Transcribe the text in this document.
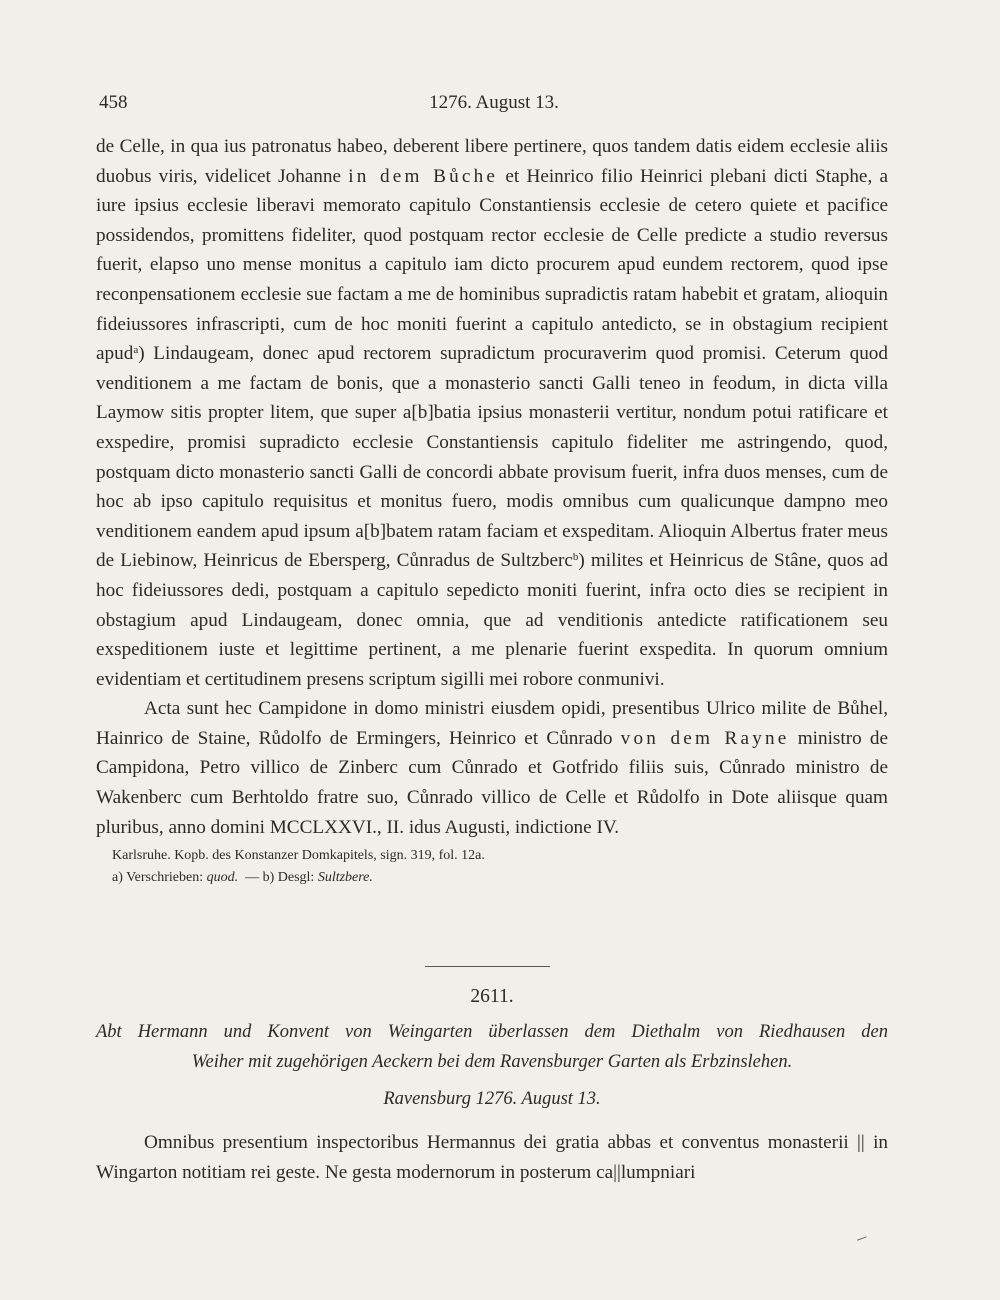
458	1276. August 13.

de Celle, in qua ius patronatus habeo, deberent libere pertinere, quos tandem datis eidem ecclesie aliis duobus viris, videlicet Johanne in dem Bůche et Heinrico filio Heinrici plebani dicti Staphe, a iure ipsius ecclesie liberavi memorato capitulo Constantiensis ecclesie de cetero quiete et pacifice possidendos, promittens fideliter, quod postquam rector ecclesie de Celle predicte a studio reversus fuerit, elapso uno mense monitus a capitulo iam dicto procurem apud eundem rectorem, quod ipse reconpensationem ecclesie sue factam a me de hominibus supradictis ratam habebit et gratam, alioquin fideiussores infrascripti, cum de hoc moniti fuerint a capitulo antedicto, se in obstagium recipient apud$^a$) Lindaugeam, donec apud rectorem supradictum procuraverim quod promisi. Ceterum quod venditionem a me factam de bonis, que a monasterio sancti Galli teneo in feodum, in dicta villa Laymow sitis propter litem, que super a[b]batia ipsius monasterii vertitur, nondum potui ratificare et exspedire, promisi supradicto ecclesie Constantiensis capitulo fideliter me astringendo, quod, postquam dicto monasterio sancti Galli de concordi abbate provisum fuerit, infra duos menses, cum de hoc ab ipso capitulo requisitus et monitus fuero, modis omnibus cum qualicunque dampno meo venditionem eandem apud ipsum a[b]batem ratam faciam et exspeditam. Alioquin Albertus frater meus de Liebinow, Heinricus de Ebersperg, Cůnradus de Sultzberc$^b$) milites et Heinricus de Stâne, quos ad hoc fideiussores dedi, postquam a capitulo sepedicto moniti fuerint, infra octo dies se recipient in obstagium apud Lindaugeam, donec omnia, que ad venditionis antedicte ratificationem seu exspeditionem iuste et legittime pertinent, a me plenarie fuerint exspedita. In quorum omnium evidentiam et certitudinem presens scriptum sigilli mei robore conmunivi.

Acta sunt hec Campidone in domo ministri eiusdem opidi, presentibus Ulrico milite de Bůhel, Hainrico de Staine, Růdolfo de Ermingers, Heinrico et Cůnrado von dem Rayne ministro de Campidona, Petro villico de Zinberc cum Cůnrado et Gotfrido filiis suis, Cůnrado ministro de Wakenberc cum Berhtoldo fratre suo, Cůnrado villico de Celle et Růdolfo in Dote aliisque quam pluribus, anno domini MCCLXXVI., II. idus Augusti, indictione IV.

Karlsruhe. Kopb. des Konstanzer Domkapitels, sign. 319, fol. 12a.
a) Verschrieben: quod. — b) Desgl: Sultzbere.
2611.
Abt Hermann und Konvent von Weingarten überlassen dem Diethalm von Riedhausen den
Weiher mit zugehörigen Aeckern bei dem Ravensburger Garten als Erbzinslehen.
Ravensburg 1276. August 13.

Omnibus presentium inspectoribus Hermannus dei gratia abbas et conventus monasterii || in Wingarton notitiam rei geste. Ne gesta modernorum in posterum ca||lumpniari
